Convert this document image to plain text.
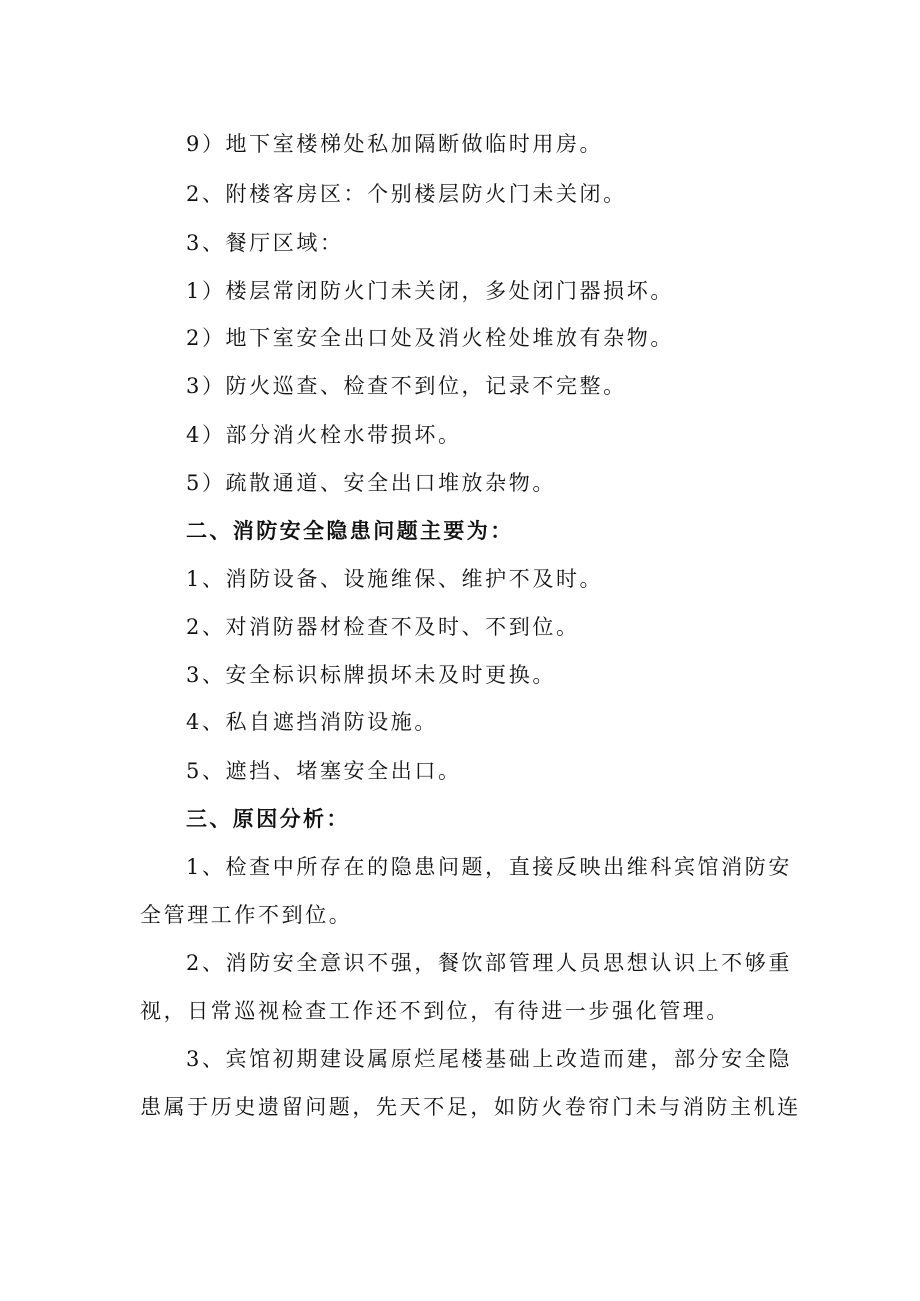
9）地下室楼梯处私加隔断做临时用房。
2、附楼客房区：个别楼层防火门未关闭。
3、餐厅区域：
1）楼层常闭防火门未关闭，多处闭门器损坏。
2）地下室安全出口处及消火栓处堆放有杂物。
3）防火巡查、检查不到位，记录不完整。
4）部分消火栓水带损坏。
5）疏散通道、安全出口堆放杂物。
二、消防安全隐患问题主要为：
1、消防设备、设施维保、维护不及时。
2、对消防器材检查不及时、不到位。
3、安全标识标牌损坏未及时更换。
4、私自遮挡消防设施。
5、遮挡、堵塞安全出口。
三、原因分析：
1、检查中所存在的隐患问题，直接反映出维科宾馆消防安
全管理工作不到位。
2、消防安全意识不强，餐饮部管理人员思想认识上不够重
视，日常巡视检查工作还不到位，有待进一步强化管理。
3、宾馆初期建设属原烂尾楼基础上改造而建，部分安全隐
患属于历史遗留问题，先天不足，如防火卷帘门未与消防主机连
